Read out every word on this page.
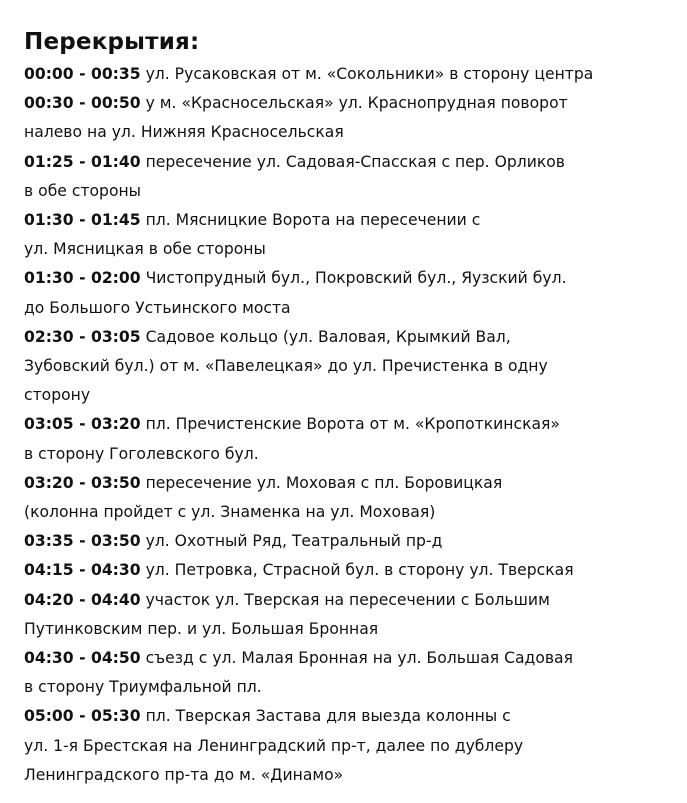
Перекрытия:
00:00 - 00:35 ул. Русаковская от м. «Сокольники» в сторону центра
00:30 - 00:50 у м. «Красносельская» ул. Краснопрудная поворот
налево на ул. Нижняя Красносельская
01:25 - 01:40 пересечение ул. Садовая-Спасская с пер. Орликов
в обе стороны
01:30 - 01:45 пл. Мясницкие Ворота на пересечении с
ул. Мясницкая в обе стороны
01:30 - 02:00 Чистопрудный бул., Покровский бул., Яузский бул.
до Большого Устьинского моста
02:30 - 03:05 Садовое кольцо (ул. Валовая, Крымкий Вал,
Зубовский бул.) от м. «Павелецкая» до ул. Пречистенка в одну
сторону
03:05 - 03:20 пл. Пречистенские Ворота от м. «Кропоткинская»
в сторону Гоголевского бул.
03:20 - 03:50 пересечение ул. Моховая с пл. Боровицкая
(колонна пройдет с ул. Знаменка на ул. Моховая)
03:35 - 03:50 ул. Охотный Ряд, Театральный пр-д
04:15 - 04:30 ул. Петровка, Страсной бул. в сторону ул. Тверская
04:20 - 04:40 участок ул. Тверская на пересечении с Большим
Путинковским пер. и ул. Большая Бронная
04:30 - 04:50 съезд с ул. Малая Бронная на ул. Большая Садовая
в сторону Триумфальной пл.
05:00 - 05:30 пл. Тверская Застава для выезда колонны с
ул. 1-я Брестская на Ленинградский пр-т, далее по дублеру
Ленинградского пр-та до м. «Динамо»
